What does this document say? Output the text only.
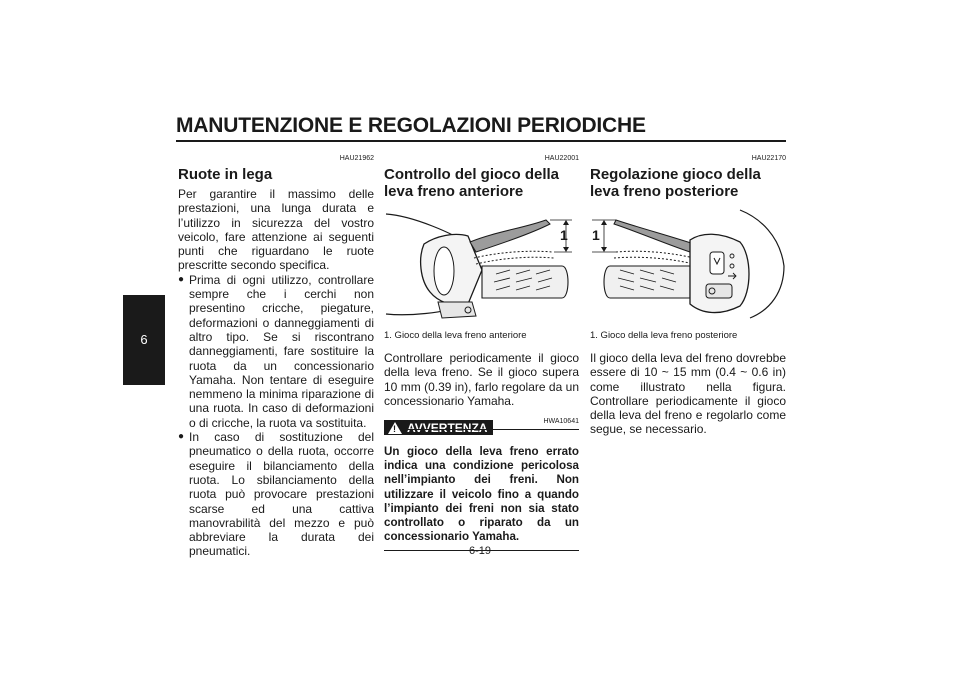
MANUTENZIONE E REGOLAZIONI PERIODICHE
6
HAU21962
Ruote in lega

Per garantire il massimo delle prestazioni, una lunga durata e l’utilizzo in sicurezza del vostro veicolo, fare attenzione ai seguenti punti che riguardano le ruote prescritte secondo specifica.

● Prima di ogni utilizzo, controllare sempre che i cerchi non presentino cricche, piegature, deformazioni o danneggiamenti di altro tipo. Se si riscontrano danneggiamenti, fare sostituire la ruota da un concessionario Yamaha. Non tentare di eseguire nemmeno la minima riparazione di una ruota. In caso di deformazioni o di cricche, la ruota va sostituita.
● In caso di sostituzione del pneumatico o della ruota, occorre eseguire il bilanciamento della ruota. Lo sbilanciamento della ruota può provocare prestazioni scarse ed una cattiva manovrabilità del mezzo e può abbreviare la durata dei pneumatici.
HAU22001
Controllo del gioco della leva freno anteriore
1
1. Gioco della leva freno anteriore

Controllare periodicamente il gioco della leva freno. Se il gioco supera 10 mm (0.39 in), farlo regolare da un concessionario Yamaha.

HWA10641
! AVVERTENZA
Un gioco della leva freno errato indica una condizione pericolosa nell’impianto dei freni. Non utilizzare il veicolo fino a quando l’impianto dei freni non sia stato controllato o riparato da un concessionario Yamaha.
HAU22170
Regolazione gioco della leva freno posteriore
1
1. Gioco della leva freno posteriore

Il gioco della leva del freno dovrebbe essere di 10 ~ 15 mm (0.4 ~ 0.6 in) come illustrato nella figura. Controllare periodicamente il gioco della leva del freno e regolarlo come segue, se necessario.

6-19
